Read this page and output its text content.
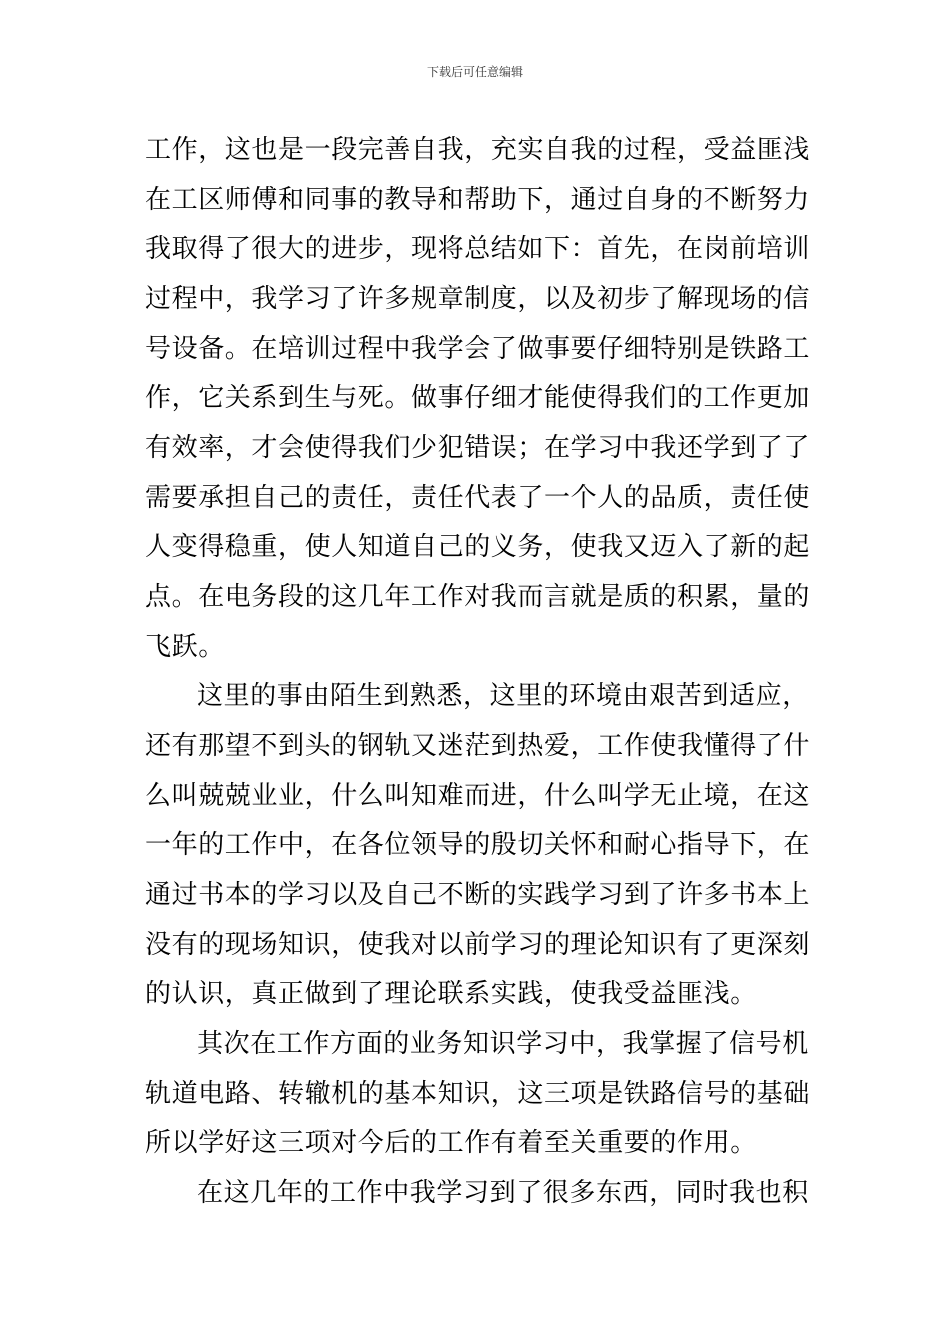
下载后可任意编辑
工作，这也是一段完善自我，充实自我的过程，受益匪浅
在工区师傅和同事的教导和帮助下，通过自身的不断努力
我取得了很大的进步，现将总结如下：首先，在岗前培训
过程中，我学习了许多规章制度，以及初步了解现场的信
号设备。在培训过程中我学会了做事要仔细特别是铁路工
作，它关系到生与死。做事仔细才能使得我们的工作更加
有效率，才会使得我们少犯错误；在学习中我还学到了了
需要承担自己的责任，责任代表了一个人的品质，责任使
人变得稳重，使人知道自己的义务，使我又迈入了新的起
点。在电务段的这几年工作对我而言就是质的积累，量的
飞跃。
这里的事由陌生到熟悉，这里的环境由艰苦到适应，
还有那望不到头的钢轨又迷茫到热爱，工作使我懂得了什
么叫兢兢业业，什么叫知难而进，什么叫学无止境，在这
一年的工作中，在各位领导的殷切关怀和耐心指导下，在
通过书本的学习以及自己不断的实践学习到了许多书本上
没有的现场知识，使我对以前学习的理论知识有了更深刻
的认识，真正做到了理论联系实践，使我受益匪浅。
其次在工作方面的业务知识学习中，我掌握了信号机
轨道电路、转辙机的基本知识，这三项是铁路信号的基础
所以学好这三项对今后的工作有着至关重要的作用。
在这几年的工作中我学习到了很多东西，同时我也积
